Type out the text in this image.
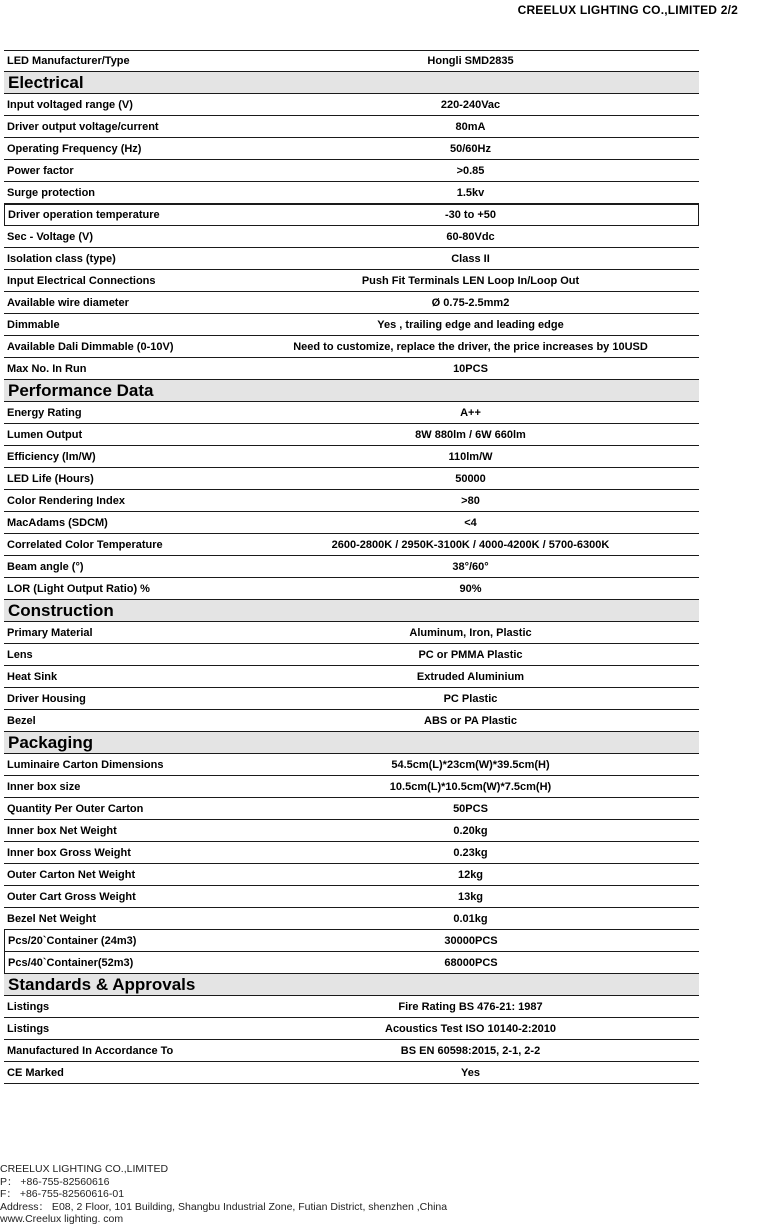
CREELUX LIGHTING CO.,LIMITED 2/2
LED Manufacturer/Type	Hongli SMD2835
Electrical
Input voltaged range (V)	220-240Vac
Driver output voltage/current	80mA
Operating Frequency (Hz)	50/60Hz
Power factor	>0.85
Surge protection	1.5kv
Driver operation temperature	-30 to +50
Sec - Voltage (V)	60-80Vdc
Isolation class (type)	Class II
Input Electrical Connections	Push Fit Terminals LEN Loop In/Loop Out
Available wire diameter	Ø 0.75-2.5mm2
Dimmable	Yes , trailing edge and leading edge
Available Dali Dimmable (0-10V)	Need to customize, replace the driver, the price increases by 10USD
Max No. In Run	10PCS
Performance Data
Energy Rating	A++
Lumen Output	8W 880lm / 6W 660lm
Efficiency (lm/W)	110lm/W
LED Life (Hours)	50000
Color Rendering Index	>80
MacAdams (SDCM)	<4
Correlated Color Temperature	2600-2800K / 2950K-3100K / 4000-4200K / 5700-6300K
Beam angle (°)	38°/60°
LOR (Light Output Ratio) %	90%
Construction
Primary Material	Aluminum, Iron, Plastic
Lens	PC or PMMA Plastic
Heat Sink	Extruded Aluminium
Driver Housing	PC Plastic
Bezel	ABS or PA Plastic
Packaging
Luminaire Carton Dimensions	54.5cm(L)*23cm(W)*39.5cm(H)
Inner box size	10.5cm(L)*10.5cm(W)*7.5cm(H)
Quantity Per Outer Carton	50PCS
Inner box Net Weight	0.20kg
Inner box Gross Weight	0.23kg
Outer Carton Net Weight	12kg
Outer Cart Gross Weight	13kg
Bezel Net Weight	0.01kg
Pcs/20`Container (24m3)	30000PCS
Pcs/40`Container(52m3)	68000PCS
Standards & Approvals
Listings	Fire Rating BS 476-21: 1987
Listings	Acoustics Test ISO 10140-2:2010
Manufactured In Accordance To	BS EN 60598:2015, 2-1, 2-2
CE Marked	Yes
CREELUX LIGHTING CO.,LIMITED
P： +86-755-82560616
F： +86-755-82560616-01
Address： E08, 2 Floor, 101 Building, Shangbu Industrial Zone, Futian District, shenzhen ,China
www.Creelux lighting. com
